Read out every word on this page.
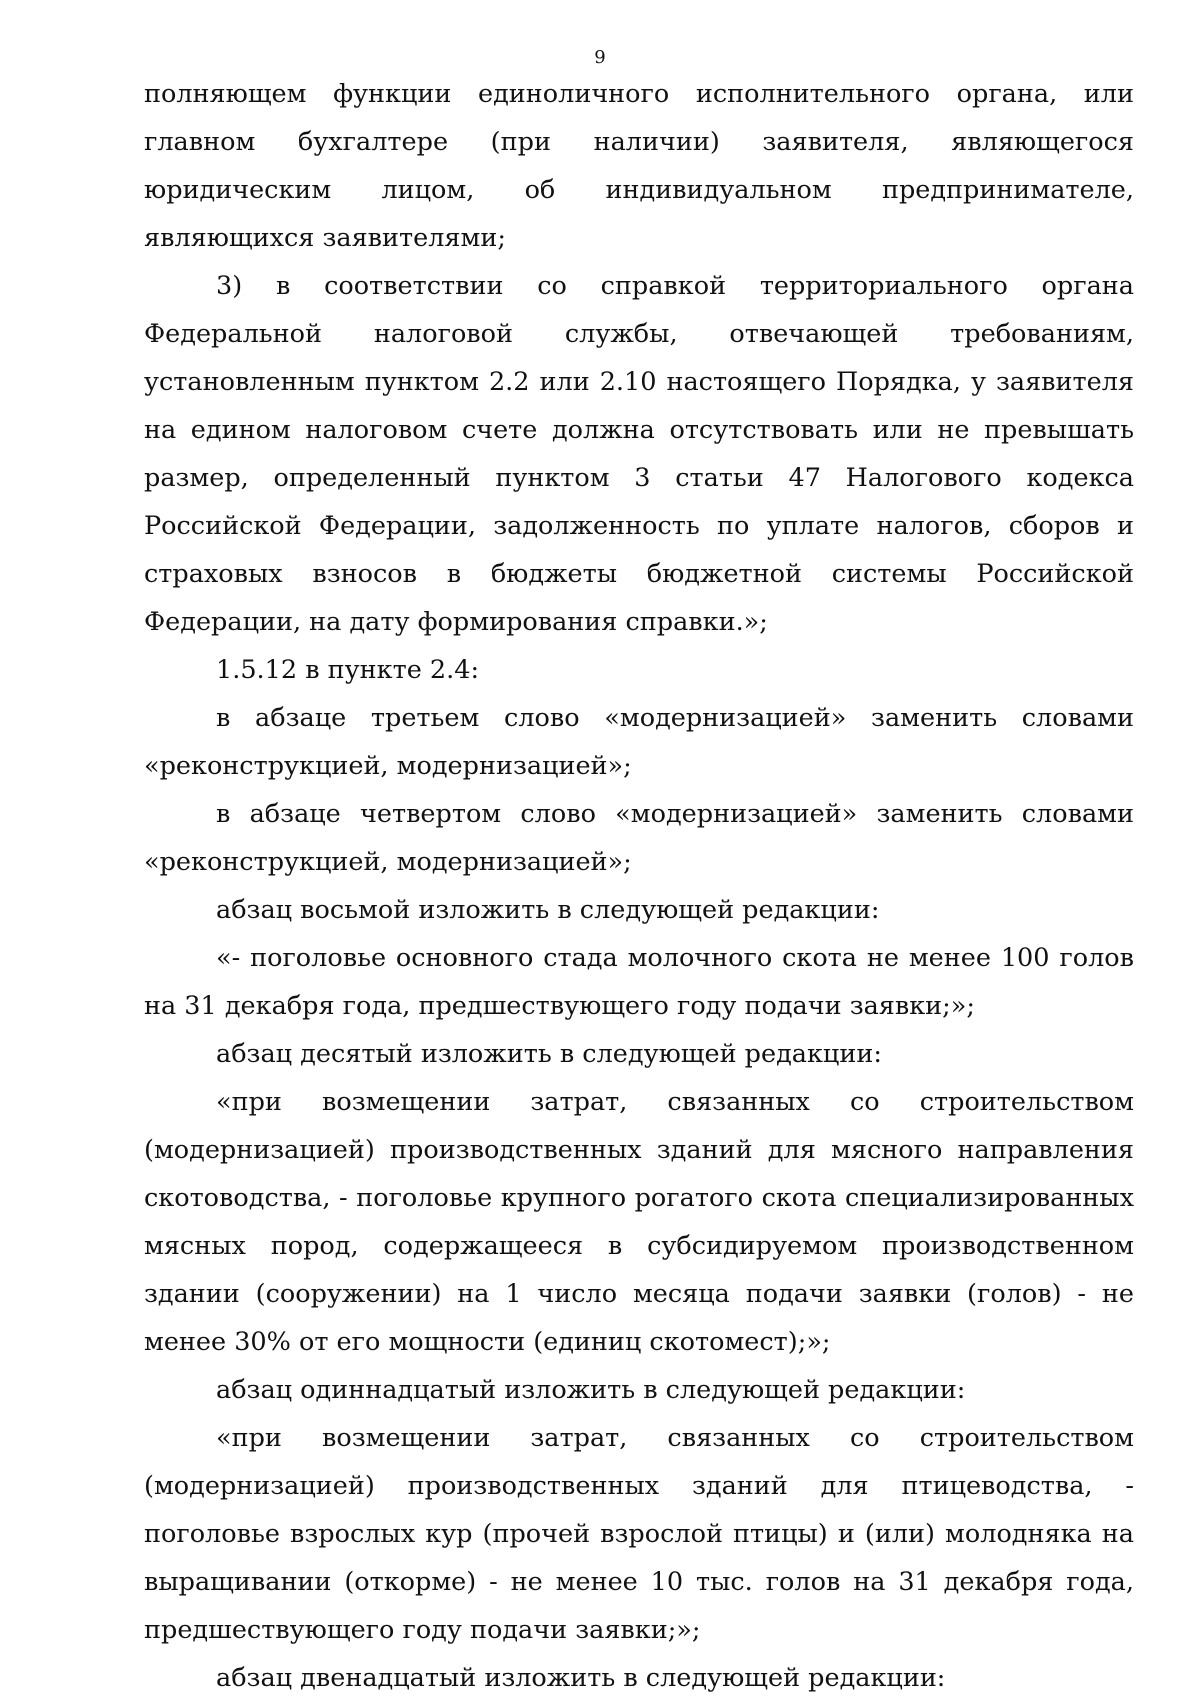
9

полняющем функции единоличного исполнительного органа, или главном бухгалтере (при наличии) заявителя, являющегося юридическим лицом, об индивидуальном предпринимателе, являющихся заявителями;

3) в соответствии со справкой территориального органа Федеральной налоговой службы, отвечающей требованиям, установленным пунктом 2.2 или 2.10 настоящего Порядка, у заявителя на едином налоговом счете должна отсутствовать или не превышать размер, определенный пунктом 3 статьи 47 Налогового кодекса Российской Федерации, задолженность по уплате налогов, сборов и страховых взносов в бюджеты бюджетной системы Российской Федерации, на дату формирования справки.»;

1.5.12 в пункте 2.4:

в абзаце третьем слово «модернизацией» заменить словами «реконструкцией, модернизацией»;

в абзаце четвертом слово «модернизацией» заменить словами «реконструкцией, модернизацией»;

абзац восьмой изложить в следующей редакции:

«- поголовье основного стада молочного скота не менее 100 голов на 31 декабря года, предшествующего году подачи заявки;»;

абзац десятый изложить в следующей редакции:

«при возмещении затрат, связанных со строительством (модернизацией) производственных зданий для мясного направления скотоводства, - поголовье крупного рогатого скота специализированных мясных пород, содержащееся в субсидируемом производственном здании (сооружении) на 1 число месяца подачи заявки (голов) - не менее 30% от его мощности (единиц скотомест);»;

абзац одиннадцатый изложить в следующей редакции:

«при возмещении затрат, связанных со строительством (модернизацией) производственных зданий для птицеводства, - поголовье взрослых кур (прочей взрослой птицы) и (или) молодняка на выращивании (откорме) - не менее 10 тыс. голов на 31 декабря года, предшествующего году подачи заявки;»;

абзац двенадцатый изложить в следующей редакции:
